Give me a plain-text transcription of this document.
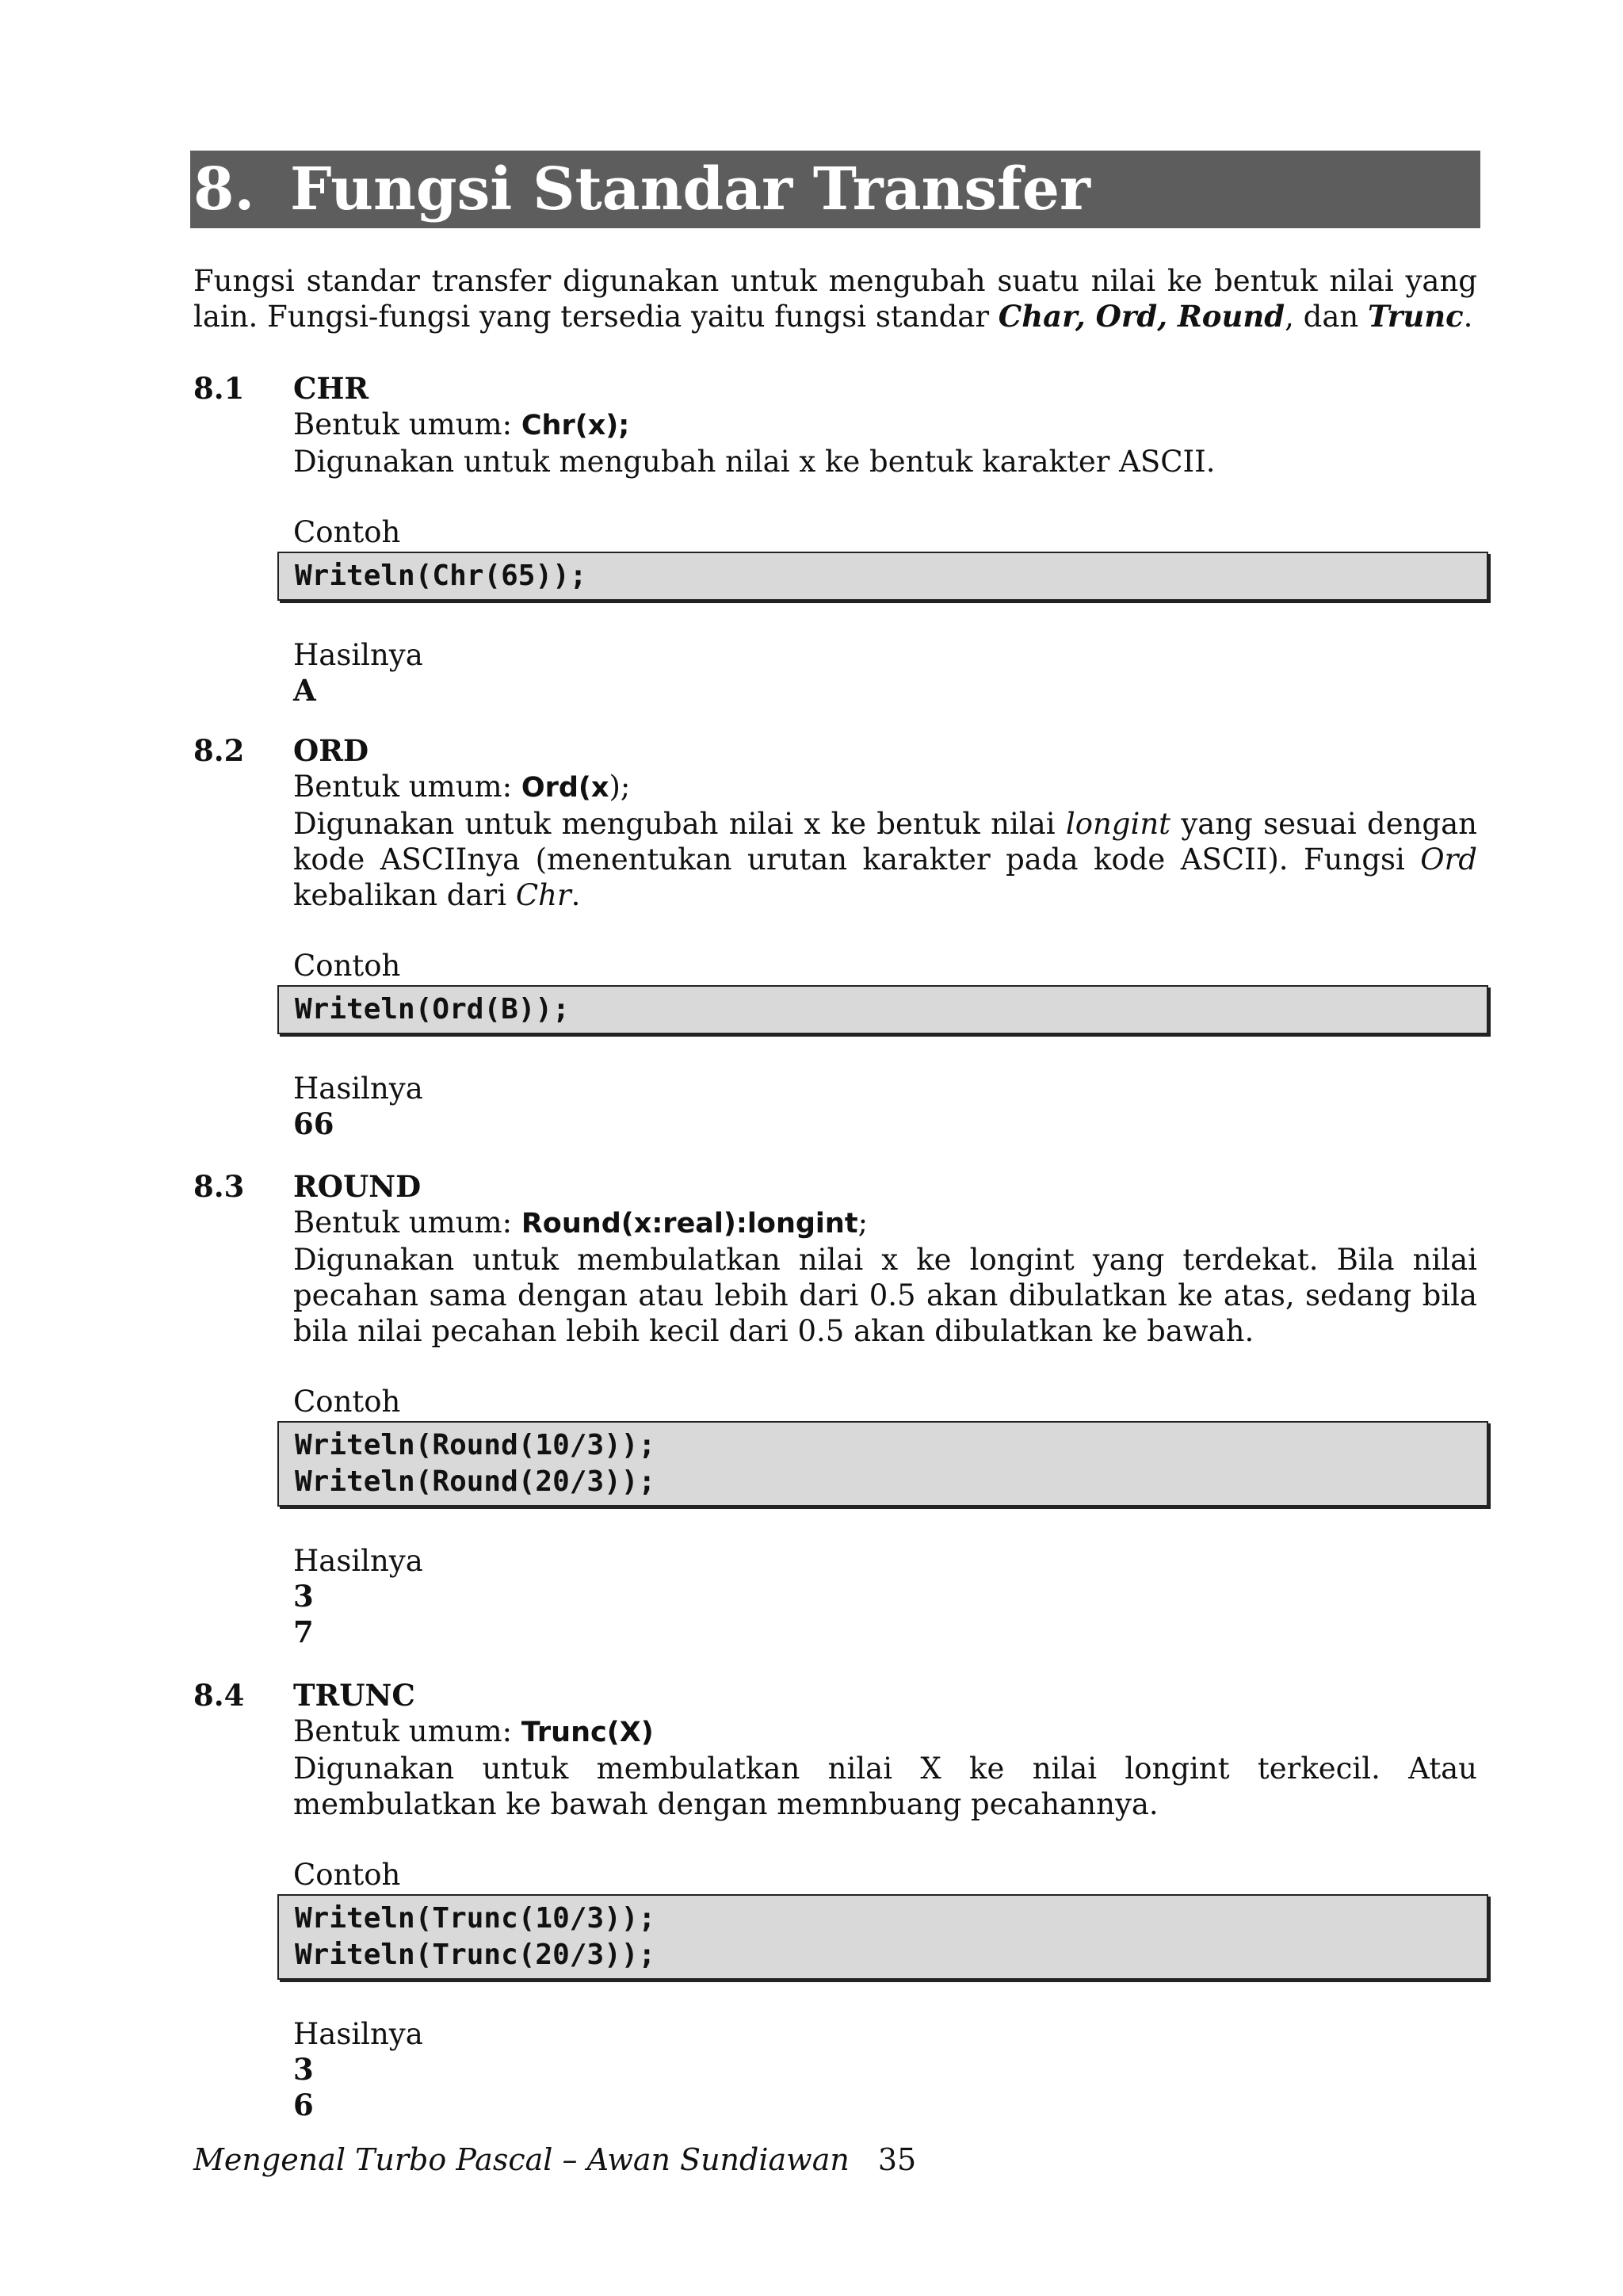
8. Fungsi Standar Transfer
Fungsi standar transfer digunakan untuk mengubah suatu nilai ke bentuk nilai yang lain. Fungsi-fungsi yang tersedia yaitu fungsi standar Char, Ord, Round, dan Trunc.
8.1 CHR
Bentuk umum: Chr(x);
Digunakan untuk mengubah nilai x ke bentuk karakter ASCII.
Contoh
Writeln(Chr(65));
Hasilnya
A
8.2 ORD
Bentuk umum: Ord(x);
Digunakan untuk mengubah nilai x ke bentuk nilai longint yang sesuai dengan kode ASCIInya (menentukan urutan karakter pada kode ASCII). Fungsi Ord kebalikan dari Chr.
Contoh
Writeln(Ord(B));
Hasilnya
66
8.3 ROUND
Bentuk umum: Round(x:real):longint;
Digunakan untuk membulatkan nilai x ke longint yang terdekat. Bila nilai pecahan sama dengan atau lebih dari 0.5 akan dibulatkan ke atas, sedang bila bila nilai pecahan lebih kecil dari 0.5 akan dibulatkan ke bawah.
Contoh
Writeln(Round(10/3));
Writeln(Round(20/3));
Hasilnya
3
7
8.4 TRUNC
Bentuk umum: Trunc(X)
Digunakan untuk membulatkan nilai X ke nilai longint terkecil. Atau membulatkan ke bawah dengan memnbuang pecahannya.
Contoh
Writeln(Trunc(10/3));
Writeln(Trunc(20/3));
Hasilnya
3
6
Mengenal Turbo Pascal – Awan Sundiawan 35
